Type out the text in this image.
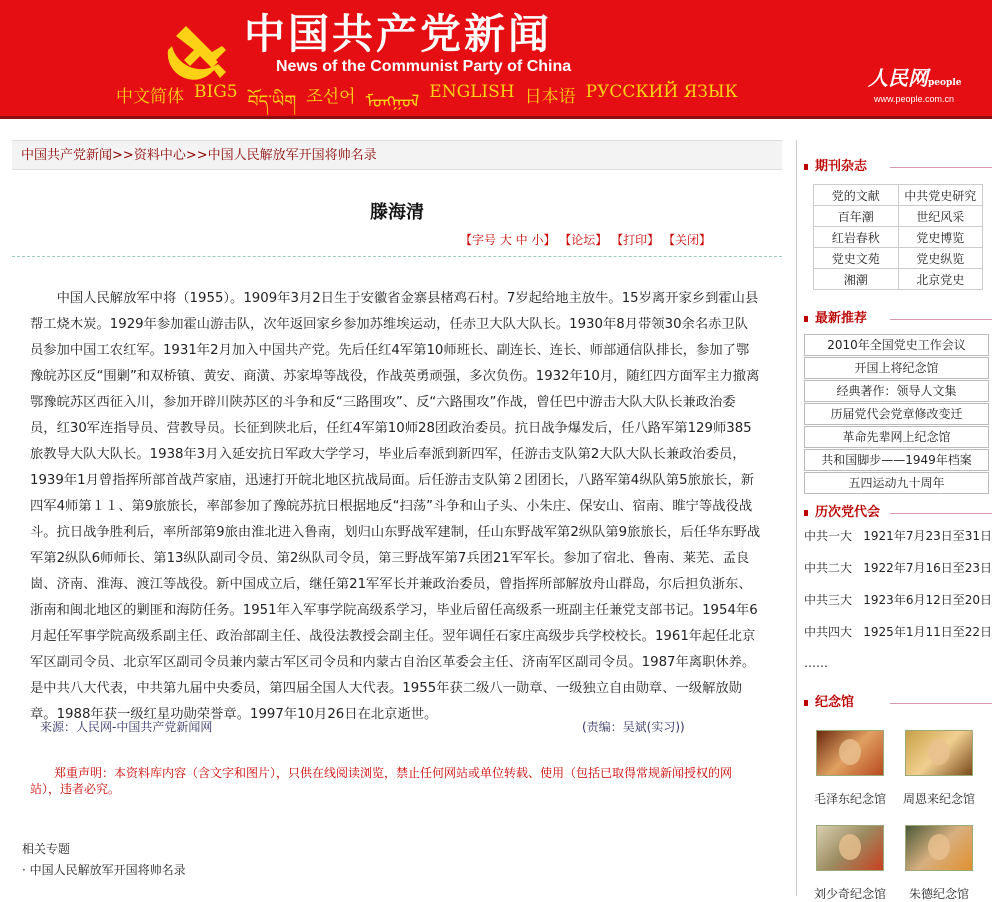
中国共产党新闻
News of the Communist Party of China
中文简体 BIG5 བོད་ཡིག 조선어 ᠮᠣᠩᠭᠣᠯ ENGLISH 日本语 РУССКИЙ ЯЗЫК
人民网people
www.people.com.cn
中国共产党新闻>>资料中心>>中国人民解放军开国将帅名录
滕海清
【字号 大 中 小】 【论坛】 【打印】 【关闭】

中国人民解放军中将（1955）。1909年3月2日生于安徽省金寨县楮鸡石村。7岁起给地主放牛。15岁离开家乡到霍山县帮工烧木炭。1929年参加霍山游击队，次年返回家乡参加苏维埃运动，任赤卫大队大队长。1930年8月带领30余名赤卫队员参加中国工农红军。1931年2月加入中国共产党。先后任红4军第10师班长、副连长、连长、师部通信队排长，参加了鄂豫皖苏区反“围剿”和双桥镇、黄安、商潢、苏家埠等战役，作战英勇顽强，多次负伤。1932年10月，随红四方面军主力撤离鄂豫皖苏区西征入川，参加开辟川陕苏区的斗争和反“三路围攻”、反“六路围攻”作战，曾任巴中游击大队大队长兼政治委员，红30军连指导员、营教导员。长征到陕北后，任红4军第10师28团政治委员。抗日战争爆发后，任八路军第129师385旅教导大队大队长。1938年3月入延安抗日军政大学学习，毕业后奉派到新四军，任游击支队第2大队大队长兼政治委员，1939年1月曾指挥所部首战芦家庙，迅速打开皖北地区抗战局面。后任游击支队第２团团长，八路军第4纵队第5旅旅长，新四军4师第１１、第9旅旅长，率部参加了豫皖苏抗日根据地反“扫荡”斗争和山子头、小朱庄、保安山、宿南、睢宁等战役战斗。抗日战争胜利后，率所部第9旅由淮北进入鲁南，划归山东野战军建制，任山东野战军第2纵队第9旅旅长，后任华东野战军第2纵队6师师长、第13纵队副司令员、第2纵队司令员，第三野战军第7兵团21军军长。参加了宿北、鲁南、莱芜、孟良崮、济南、淮海、渡江等战役。新中国成立后，继任第21军军长并兼政治委员，曾指挥所部解放舟山群岛，尔后担负浙东、浙南和闽北地区的剿匪和海防任务。1951年入军事学院高级系学习，毕业后留任高级系一班副主任兼党支部书记。1954年6月起任军事学院高级系副主任、政治部副主任、战役法教授会副主任。翌年调任石家庄高级步兵学校校长。1961年起任北京军区副司令员、北京军区副司令员兼内蒙古军区司令员和内蒙古自治区革委会主任、济南军区副司令员。1987年离职休养。是中共八大代表，中共第九届中央委员，第四届全国人大代表。1955年获二级八一勋章、一级独立自由勋章、一级解放勋章。1988年获一级红星功勋荣誉章。1997年10月26日在北京逝世。

来源：人民网-中国共产党新闻网	(责编：吴斌(实习))

郑重声明：本资料库内容（含文字和图片），只供在线阅读浏览，禁止任何网站或单位转载、使用（包括已取得常规新闻授权的网站），违者必究。

相关专题
· 中国人民解放军开国将帅名录
期刊杂志
党的文献	中共党史研究
百年潮	世纪风采
红岩春秋	党史博览
党史文苑	党史纵览
湘潮	北京党史
最新推荐
2010年全国党史工作会议
开国上将纪念馆
经典著作：领导人文集
历届党代会党章修改变迁
革命先辈网上纪念馆
共和国脚步——1949年档案
五四运动九十周年
历次党代会
中共一大 1921年7月23日至31日
中共二大 1922年7月16日至23日
中共三大 1923年6月12日至20日
中共四大 1925年1月11日至22日
……
纪念馆
毛泽东纪念馆	周恩来纪念馆
刘少奇纪念馆	朱德纪念馆
